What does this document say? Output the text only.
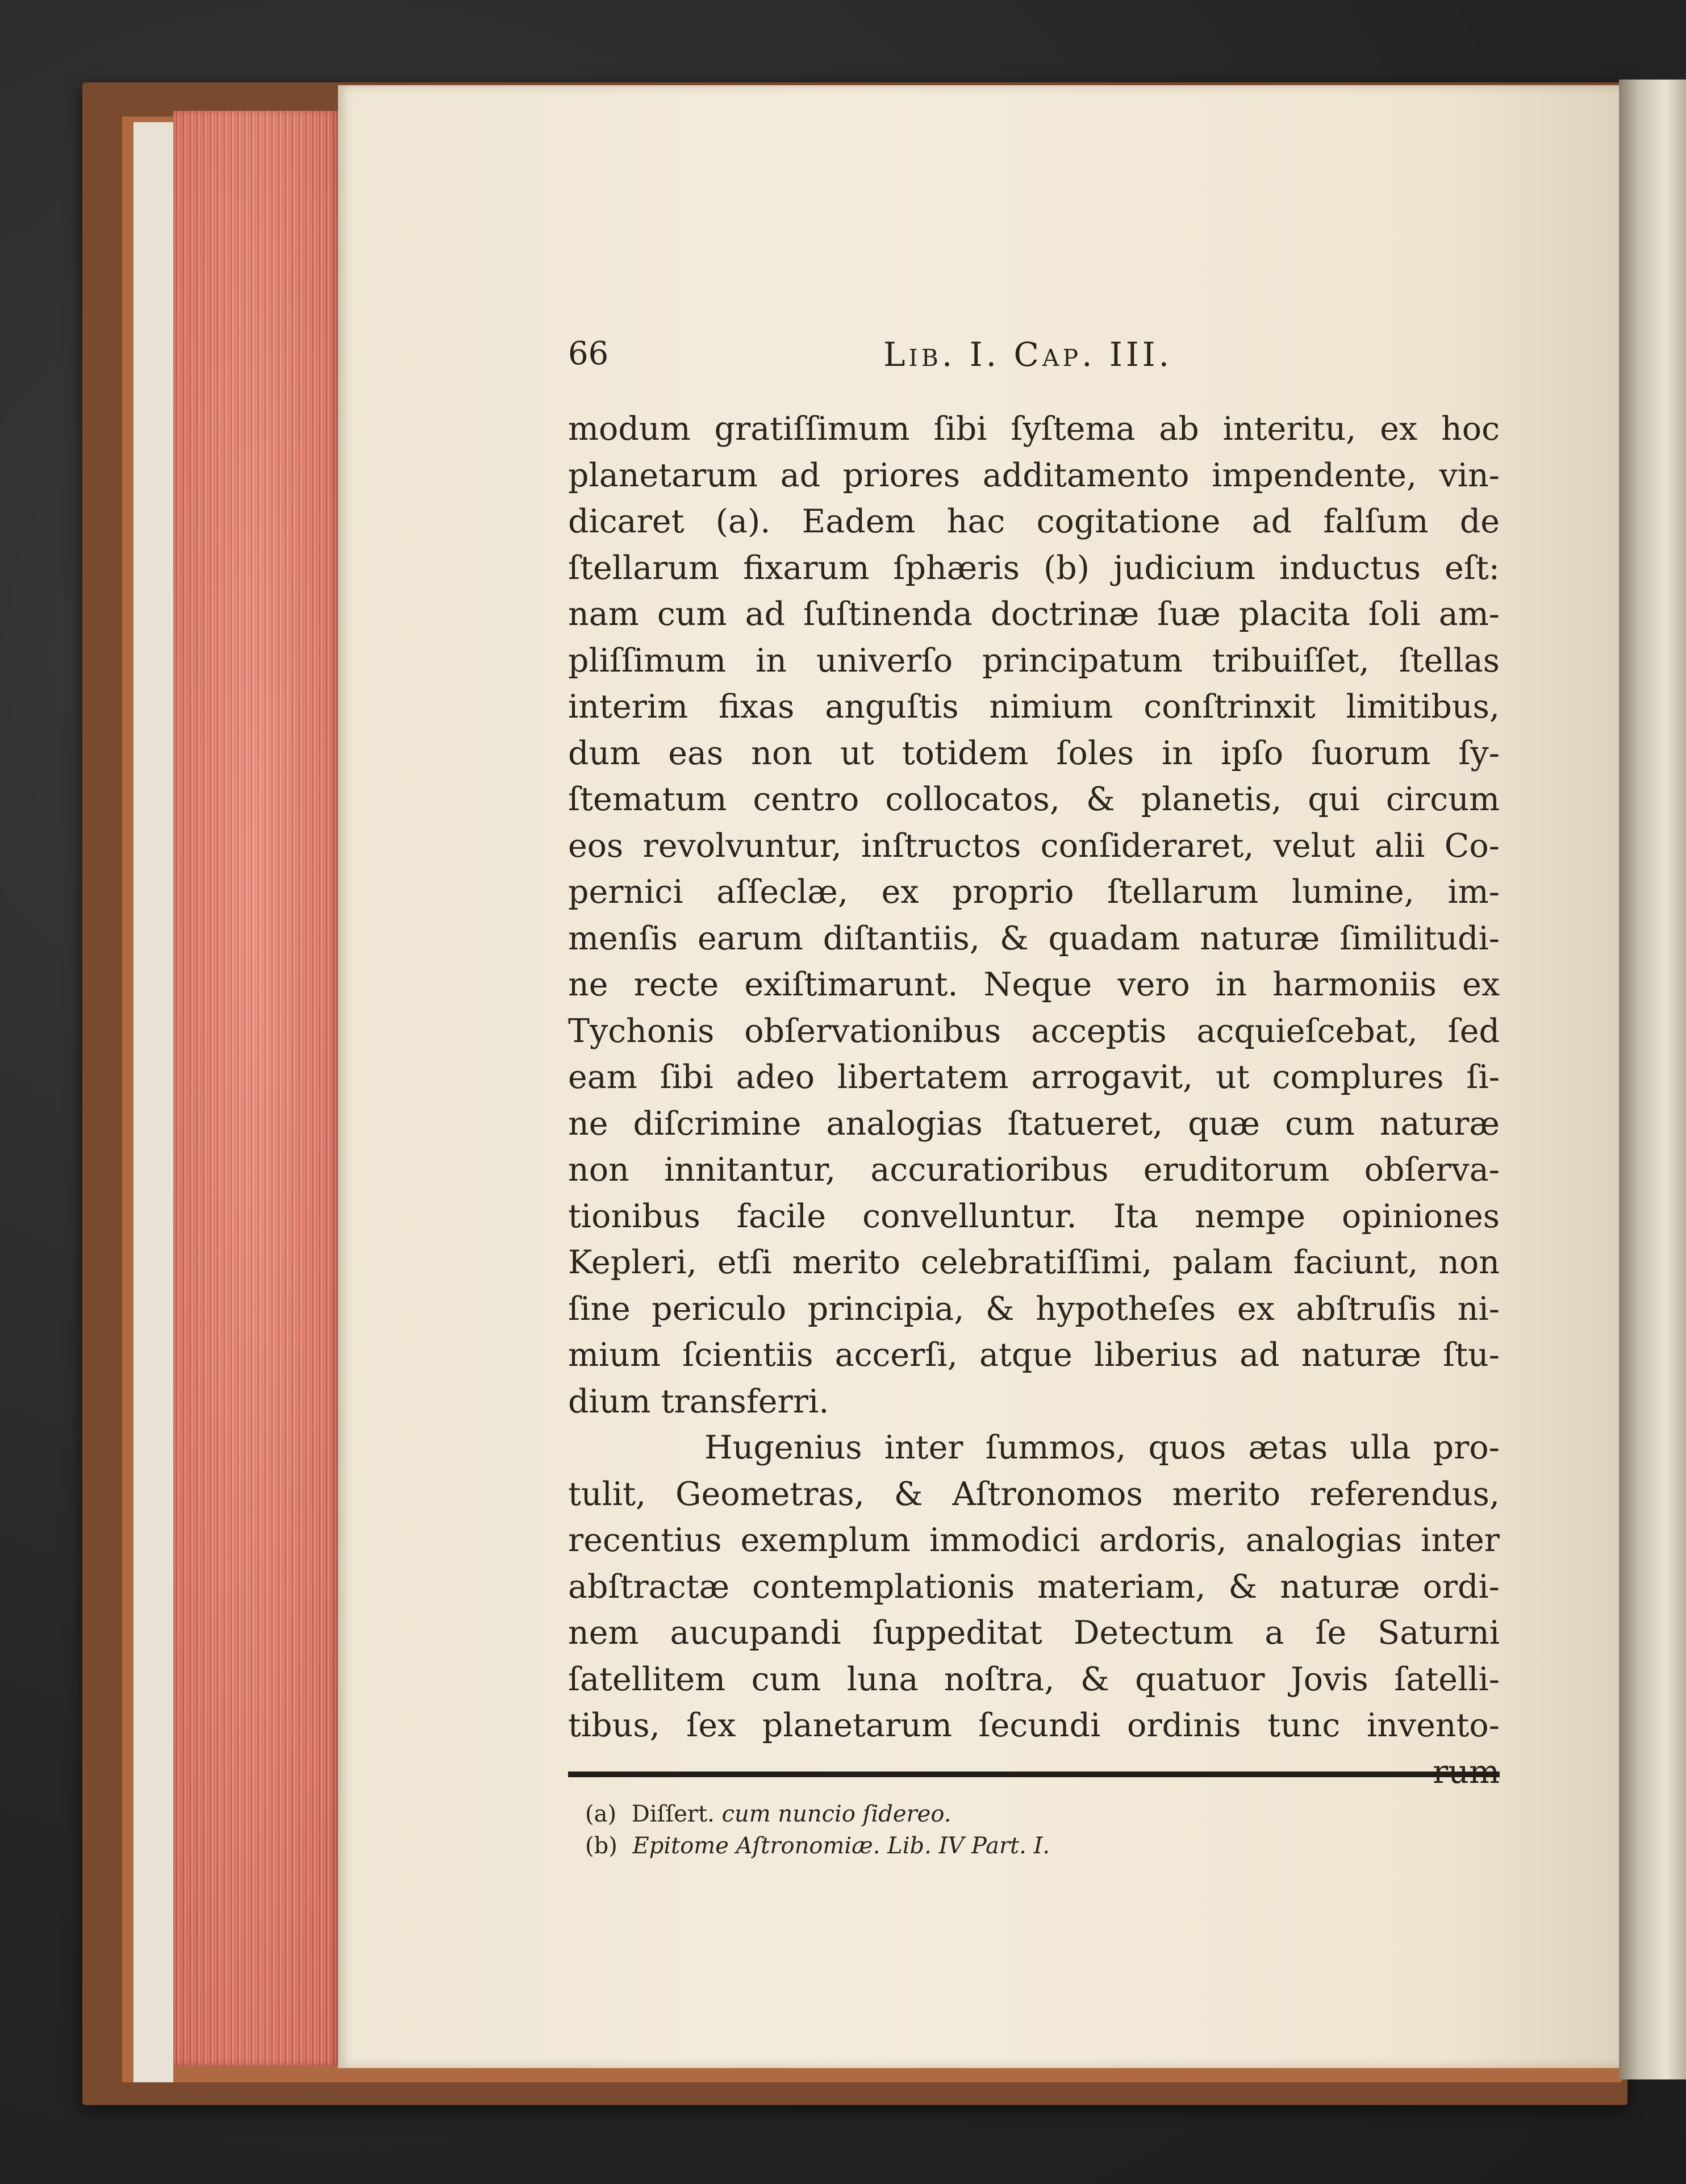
66	Lib. I. Cap. III.
modum gratiſſimum ſibi ſyſtema ab interitu, ex hoc
planetarum ad priores additamento impendente, vin-
dicaret (a). Eadem hac cogitatione ad falſum de
ſtellarum fixarum ſphæris (b) judicium inductus eſt:
nam cum ad ſuſtinenda doctrinæ ſuæ placita ſoli am-
pliſſimum in univerſo principatum tribuiſſet, ſtellas
interim fixas anguſtis nimium conſtrinxit limitibus,
dum eas non ut totidem ſoles in ipſo ſuorum ſy-
ſtematum centro collocatos, & planetis, qui circum
eos revolvuntur, inſtructos conſideraret, velut alii Co-
pernici aſſeclæ, ex proprio ſtellarum lumine, im-
menſis earum diſtantiis, & quadam naturæ ſimilitudi-
ne recte exiſtimarunt. Neque vero in harmoniis ex
Tychonis obſervationibus acceptis acquieſcebat, ſed
eam ſibi adeo libertatem arrogavit, ut complures ſi-
ne diſcrimine analogias ſtatueret, quæ cum naturæ
non innitantur, accuratioribus eruditorum obſerva-
tionibus facile convelluntur. Ita nempe opiniones
Kepleri, etſi merito celebratiſſimi, palam faciunt, non
ſine periculo principia, & hypotheſes ex abſtruſis ni-
mium ſcientiis accerſi, atque liberius ad naturæ ſtu-
dium transferri.
Hugenius inter ſummos, quos ætas ulla pro-
tulit, Geometras, & Aſtronomos merito referendus,
recentius exemplum immodici ardoris, analogias inter
abſtractæ contemplationis materiam, & naturæ ordi-
nem aucupandi ſuppeditat Detectum a ſe Saturni
ſatellitem cum luna noſtra, & quatuor Jovis ſatelli-
tibus, ſex planetarum ſecundi ordinis tunc invento-
(a) Diſſert. cum nuncio ſidereo.
(b) Epitome Aſtronomiæ. Lib. IV Part. I.
